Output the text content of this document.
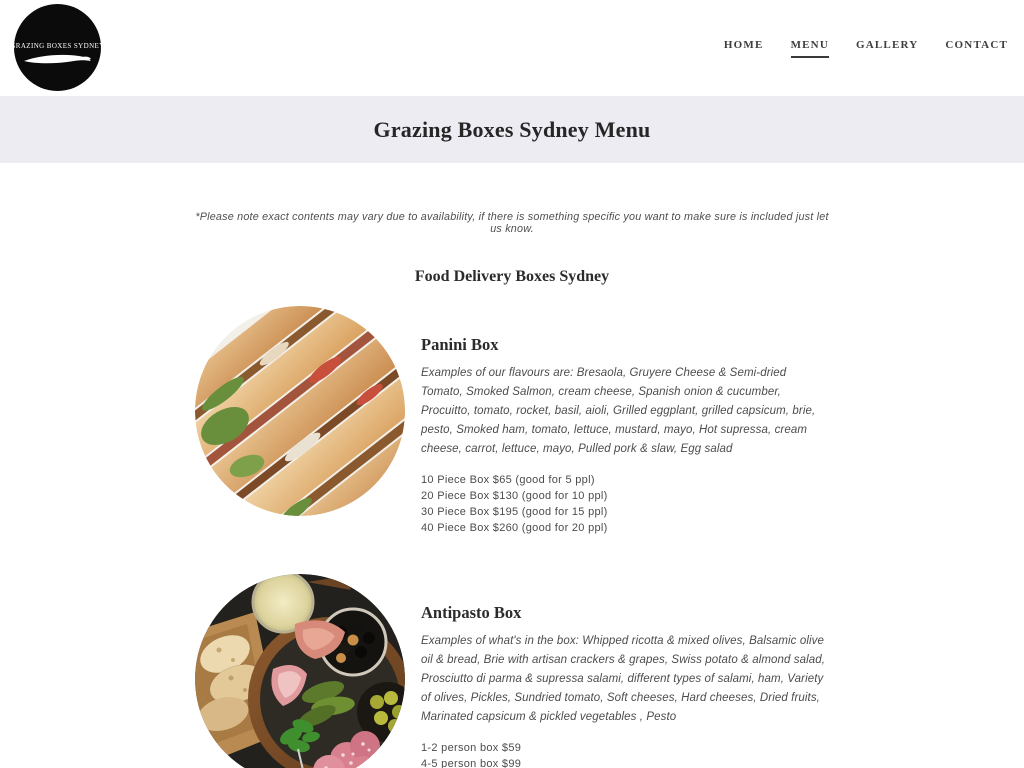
GRAZING BOXES SYDNEY	HOME MENU GALLERY CONTACT
Grazing Boxes Sydney Menu

*Please note exact contents may vary due to availability, if there is something specific you want to make sure is included just let us know.

Food Delivery Boxes Sydney
Panini Box

Examples of our flavours are: Bresaola, Gruyere Cheese & Semi-dried Tomato, Smoked Salmon, cream cheese, Spanish onion & cucumber, Procuitto, tomato, rocket, basil, aioli, Grilled eggplant, grilled capsicum, brie, pesto, Smoked ham, tomato, lettuce, mustard, mayo, Hot supressa, cream cheese, carrot, lettuce, mayo, Pulled pork & slaw, Egg salad

10 Piece Box $65 (good for 5 ppl)
20 Piece Box $130 (good for 10 ppl)
30 Piece Box $195 (good for 15 ppl)
40 Piece Box $260 (good for 20 ppl)
Antipasto Box

Examples of what's in the box: Whipped ricotta & mixed olives, Balsamic olive oil & bread, Brie with artisan crackers & grapes, Swiss potato & almond salad, Prosciutto di parma & supressa salami, different types of salami, ham, Variety of olives, Pickles, Sundried tomato, Soft cheeses, Hard cheeses, Dried fruits, Marinated capsicum & pickled vegetables , Pesto

1-2 person box $59
4-5 person box $99
